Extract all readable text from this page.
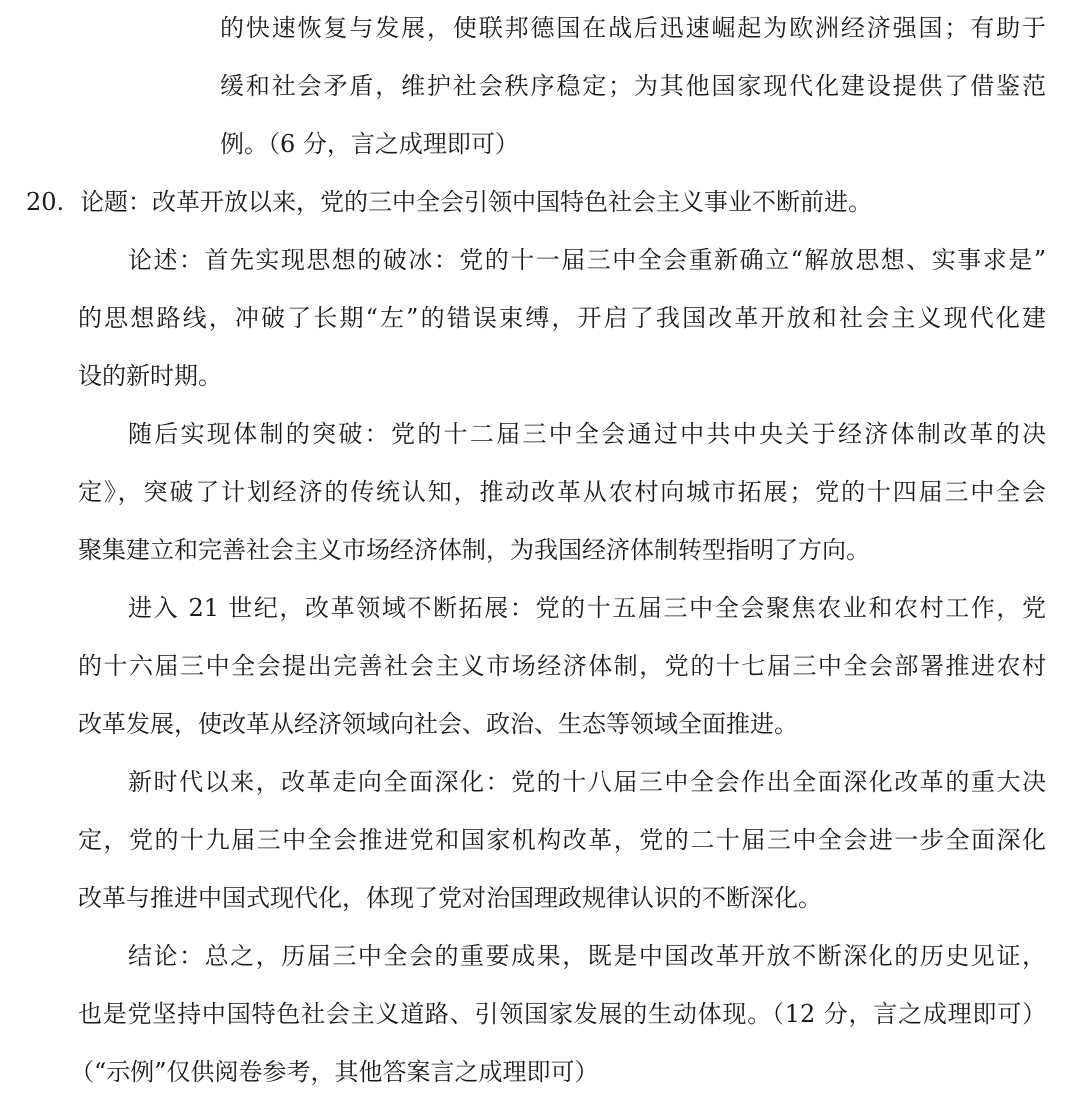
的快速恢复与发展，使联邦德国在战后迅速崛起为欧洲经济强国；有助于
缓和社会矛盾，维护社会秩序稳定；为其他国家现代化建设提供了借鉴范
例。（6 分，言之成理即可）
20. 论题：改革开放以来，党的三中全会引领中国特色社会主义事业不断前进。
论述：首先实现思想的破冰：党的十一届三中全会重新确立“解放思想、实事求是”
的思想路线，冲破了长期“左”的错误束缚，开启了我国改革开放和社会主义现代化建
设的新时期。
随后实现体制的突破：党的十二届三中全会通过中共中央关于经济体制改革的决
定》，突破了计划经济的传统认知，推动改革从农村向城市拓展；党的十四届三中全会
聚集建立和完善社会主义市场经济体制，为我国经济体制转型指明了方向。
进入 21 世纪，改革领域不断拓展：党的十五届三中全会聚焦农业和农村工作，党
的十六届三中全会提出完善社会主义市场经济体制，党的十七届三中全会部署推进农村
改革发展，使改革从经济领域向社会、政治、生态等领域全面推进。
新时代以来，改革走向全面深化：党的十八届三中全会作出全面深化改革的重大决
定，党的十九届三中全会推进党和国家机构改革，党的二十届三中全会进一步全面深化
改革与推进中国式现代化，体现了党对治国理政规律认识的不断深化。
结论：总之，历届三中全会的重要成果，既是中国改革开放不断深化的历史见证，
也是党坚持中国特色社会主义道路、引领国家发展的生动体现。（12 分，言之成理即可）
（“示例”仅供阅卷参考，其他答案言之成理即可）
